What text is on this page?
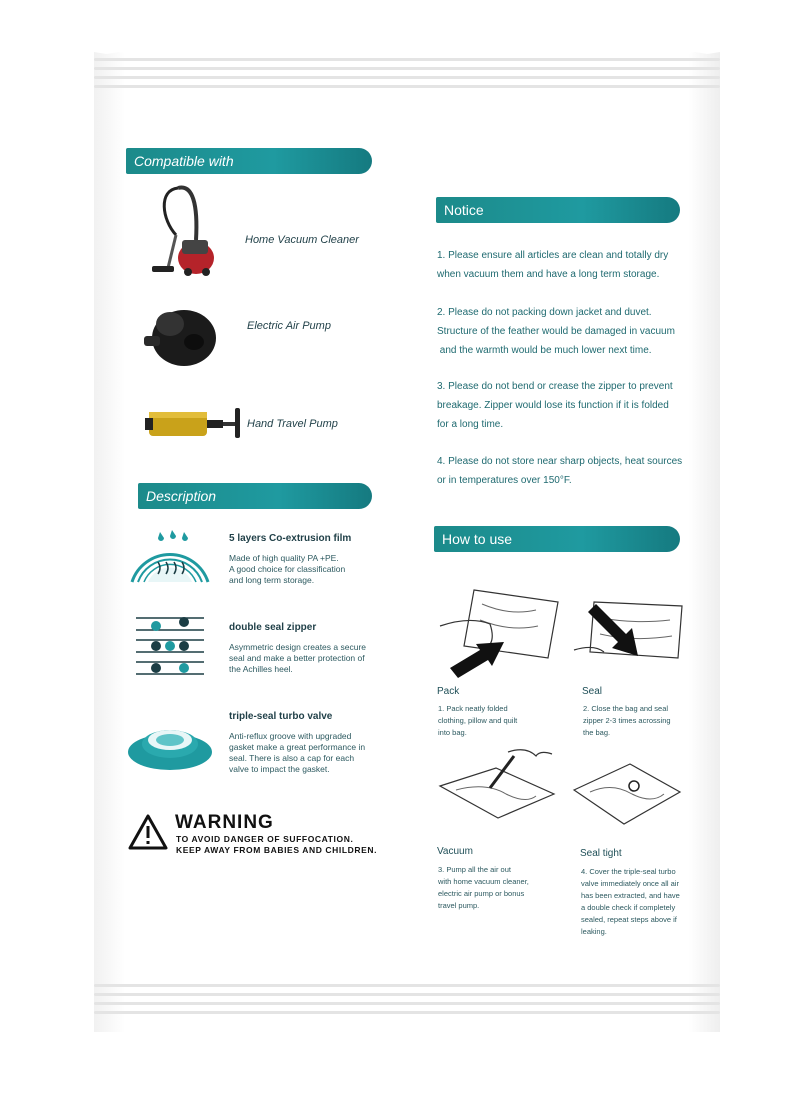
Compatible with
Home Vacuum Cleaner
Electric Air Pump
Hand Travel Pump
Description
5 layers Co-extrusion film
Made of high quality PA +PE.
A good choice for classification
and long term storage.
double seal zipper
Asymmetric design creates a secure
seal and make a better protection of
the Achilles heel.
triple-seal turbo valve
Anti-reflux groove with upgraded
gasket make a great performance in
seal. There is also a cap for each
valve to impact the gasket.
WARNING
TO AVOID DANGER OF SUFFOCATION.
KEEP AWAY FROM BABIES AND CHILDREN.
Notice
1. Please ensure all articles are clean and totally dry
when vacuum them and have a long term storage.
2. Please do not packing down jacket and duvet.
Structure of the feather would be damaged in vacuum
and the warmth would be much lower next time.
3. Please do not bend or crease the zipper to prevent
breakage. Zipper would lose its function if it is folded
for a long time.
4. Please do not store near sharp objects, heat sources
or in temperatures over 150°F.
How to use
Pack
1. Pack neatly folded
clothing, pillow and quilt
into bag.
Seal
2. Close the bag and seal
zipper 2-3 times acrossing
the bag.
Vacuum
3. Pump all the air out
with home vacuum cleaner,
electric air pump or bonus
travel pump.
Seal tight
4. Cover the triple-seal turbo
valve immediately once all air
has been extracted, and have
a double check if completely
sealed, repeat steps above if
leaking.
